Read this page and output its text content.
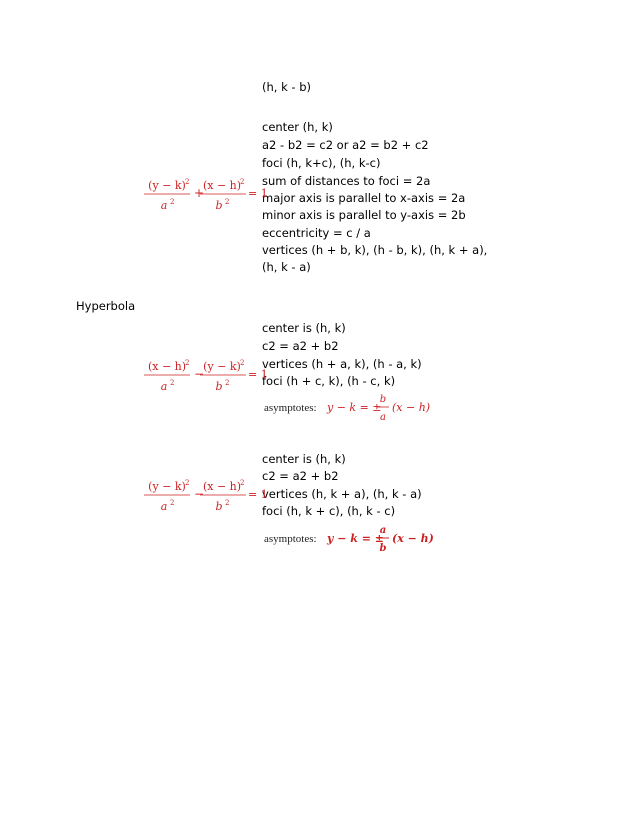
(h, k - b)
center (h, k)
a2 - b2 = c2 or a2 = b2 + c2
foci (h, k+c), (h, k-c)
sum of distances to foci = 2a
major axis is parallel to x-axis = 2a
minor axis is parallel to y-axis = 2b
eccentricity = c / a
vertices (h + b, k), (h - b, k), (h, k + a),
(h, k - a)
(y − k) 2
a 2
+
(x − h)
2
b 2
= 1
Hyperbola
center is (h, k)
c2 = a2 + b2
vertices (h + a, k), (h - a, k)
foci (h + c, k), (h - c, k)
(x − h)
2
a 2
−
(y − k) 2
b 2
= 1
asymptotes: y − k = ±
b
a
(x − h)
center is (h, k)
c2 = a2 + b2
vertices (h, k + a), (h, k - a)
foci (h, k + c), (h, k - c)
(y − k) 2
a 2
−
(x − h)
2
b 2
= 1
asymptotes: y − k = ±
a
b
(x − h)
